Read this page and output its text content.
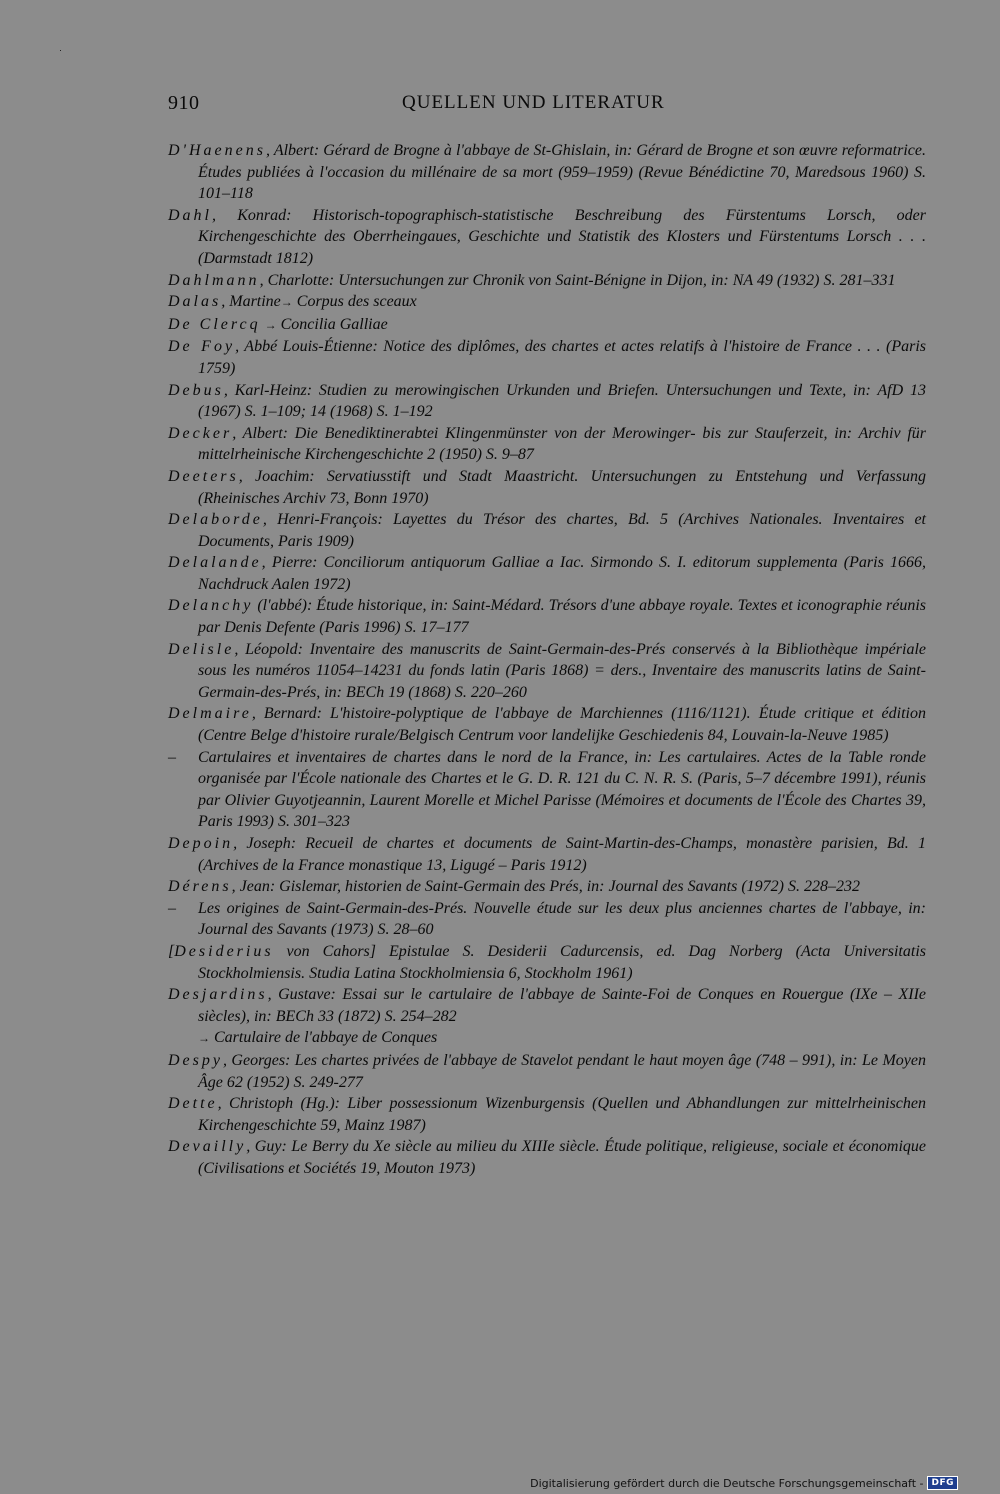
910	QUELLEN UND LITERATUR
D'Haenens, Albert: Gérard de Brogne à l'abbaye de St-Ghislain, in: Gérard de Brogne et son œuvre reformatrice. Études publiées à l'occasion du millénaire de sa mort (959–1959) (Revue Bénédictine 70, Maredsous 1960) S. 101–118
Dahl, Konrad: Historisch-topographisch-statistische Beschreibung des Fürstentums Lorsch, oder Kirchengeschichte des Oberrheingaues, Geschichte und Statistik des Klosters und Fürstentums Lorsch . . . (Darmstadt 1812)
Dahlmann, Charlotte: Untersuchungen zur Chronik von Saint-Bénigne in Dijon, in: NA 49 (1932) S. 281–331
Dalas, Martine→ Corpus des sceaux
De Clercq → Concilia Galliae
De Foy, Abbé Louis-Étienne: Notice des diplômes, des chartes et actes relatifs à l'histoire de France . . . (Paris 1759)
Debus, Karl-Heinz: Studien zu merowingischen Urkunden und Briefen. Untersuchungen und Texte, in: AfD 13 (1967) S. 1–109; 14 (1968) S. 1–192
Decker, Albert: Die Benediktinerabtei Klingenmünster von der Merowinger- bis zur Stauferzeit, in: Archiv für mittelrheinische Kirchengeschichte 2 (1950) S. 9–87
Deeters, Joachim: Servatiusstift und Stadt Maastricht. Untersuchungen zu Entstehung und Verfassung (Rheinisches Archiv 73, Bonn 1970)
Delaborde, Henri-François: Layettes du Trésor des chartes, Bd. 5 (Archives Nationales. Inventaires et Documents, Paris 1909)
Delalande, Pierre: Conciliorum antiquorum Galliae a Iac. Sirmondo S. I. editorum supplementa (Paris 1666, Nachdruck Aalen 1972)
Delanchy (l'abbé): Étude historique, in: Saint-Médard. Trésors d'une abbaye royale. Textes et iconographie réunis par Denis Defente (Paris 1996) S. 17–177
Delisle, Léopold: Inventaire des manuscrits de Saint-Germain-des-Prés conservés à la Bibliothèque impériale sous les numéros 11054–14231 du fonds latin (Paris 1868) = ders., Inventaire des manuscrits latins de Saint-Germain-des-Prés, in: BECh 19 (1868) S. 220–260
Delmaire, Bernard: L'histoire-polyptique de l'abbaye de Marchiennes (1116/1121). Étude critique et édition (Centre Belge d'histoire rurale/Belgisch Centrum voor landelijke Geschiedenis 84, Louvain-la-Neuve 1985)
– Cartulaires et inventaires de chartes dans le nord de la France, in: Les cartulaires. Actes de la Table ronde organisée par l'École nationale des Chartes et le G. D. R. 121 du C. N. R. S. (Paris, 5–7 décembre 1991), réunis par Olivier Guyotjeannin, Laurent Morelle et Michel Parisse (Mémoires et documents de l'École des Chartes 39, Paris 1993) S. 301–323
Depoin, Joseph: Recueil de chartes et documents de Saint-Martin-des-Champs, monastère parisien, Bd. 1 (Archives de la France monastique 13, Ligugé – Paris 1912)
Dérens, Jean: Gislemar, historien de Saint-Germain des Prés, in: Journal des Savants (1972) S. 228–232
– Les origines de Saint-Germain-des-Prés. Nouvelle étude sur les deux plus anciennes chartes de l'abbaye, in: Journal des Savants (1973) S. 28–60
[Desiderius von Cahors] Epistulae S. Desiderii Cadurcensis, ed. Dag Norberg (Acta Universitatis Stockholmiensis. Studia Latina Stockholmiensia 6, Stockholm 1961)
Desjardins, Gustave: Essai sur le cartulaire de l'abbaye de Sainte-Foi de Conques en Rouergue (IXe – XIIe siècles), in: BECh 33 (1872) S. 254–282
→ Cartulaire de l'abbaye de Conques
Despy, Georges: Les chartes privées de l'abbaye de Stavelot pendant le haut moyen âge (748 – 991), in: Le Moyen Âge 62 (1952) S. 249-277
Dette, Christoph (Hg.): Liber possessionum Wizenburgensis (Quellen und Abhandlungen zur mittelrheinischen Kirchengeschichte 59, Mainz 1987)
Devailly, Guy: Le Berry du Xe siècle au milieu du XIIIe siècle. Étude politique, religieuse, sociale et économique (Civilisations et Sociétés 19, Mouton 1973)
Digitalisierung gefördert durch die Deutsche Forschungsgemeinschaft - DFG
